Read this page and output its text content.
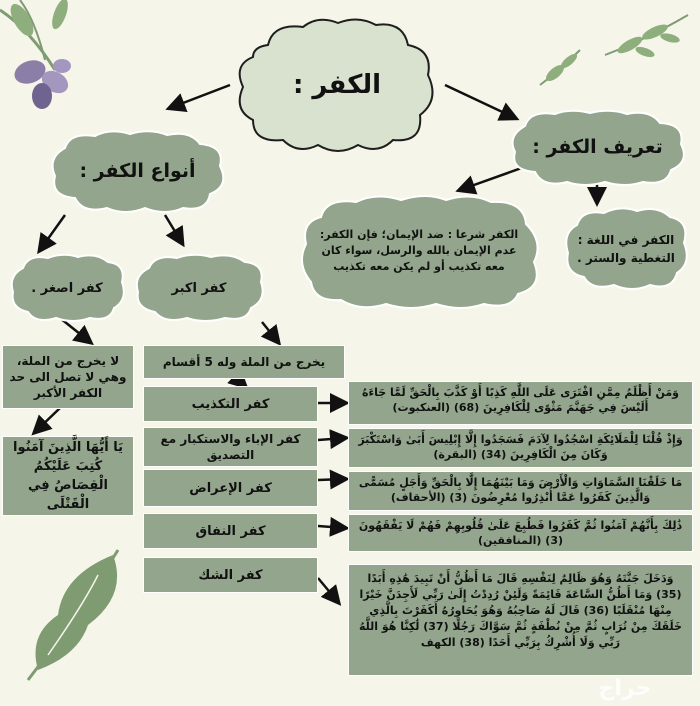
الكفر :
أنواع الكفر :
تعريف الكفر :
الكفر شرعا : ضد الإيمان؛ فإن الكفر: عدم الإيمان بالله والرسل، سواء كان معه تكذيب أو لم يكن معه تكذيب
الكفر في اللغة : التغطية والستر .
كفر اصغر .	كفر اكبر
لا يخرج من الملة، وهي لا تصل الى حد الكفر الأكبر
يَا أَيُّهَا الَّذِينَ آمَنُوا كُتِبَ عَلَيْكُمُ الْقِصَاصُ فِي الْقَتْلَى
يخرج من الملة وله 5 أقسام
كفر التكذيب
كفر الإباء والاستكبار مع التصديق
كفر الإعراض
كفر النفاق
كفر الشك
وَمَنْ أَظْلَمُ مِمَّنِ افْتَرَى عَلَى اللَّهِ كَذِبًا أَوْ كَذَّبَ بِالْحَقِّ لَمَّا جَاءَهُ أَلَيْسَ فِي جَهَنَّمَ مَثْوًى لِلْكَافِرِينَ (68) (العنكبوت)
وَإِذْ قُلْنَا لِلْمَلَائِكَةِ اسْجُدُوا لِآدَمَ فَسَجَدُوا إِلَّا إِبْلِيسَ أَبَىٰ وَاسْتَكْبَرَ وَكَانَ مِنَ الْكَافِرِينَ (34) (البقرة)
مَا خَلَقْنَا السَّمَاوَاتِ وَالْأَرْضَ وَمَا بَيْنَهُمَا إِلَّا بِالْحَقِّ وَأَجَلٍ مُسَمًّى وَالَّذِينَ كَفَرُوا عَمَّا أُنْذِرُوا مُعْرِضُونَ (3) (الأحقاف)
ذَٰلِكَ بِأَنَّهُمْ آمَنُوا ثُمَّ كَفَرُوا فَطُبِعَ عَلَىٰ قُلُوبِهِمْ فَهُمْ لَا يَفْقَهُونَ (3) (المنافقين)
وَدَخَلَ جَنَّتَهُ وَهُوَ ظَالِمٌ لِنَفْسِهِ قَالَ مَا أَظُنُّ أَنْ تَبِيدَ هَٰذِهِ أَبَدًا (35) وَمَا أَظُنُّ السَّاعَةَ قَائِمَةً وَلَئِنْ رُدِدْتُ إِلَىٰ رَبِّي لَأَجِدَنَّ خَيْرًا مِنْهَا مُنْقَلَبًا (36) قَالَ لَهُ صَاحِبُهُ وَهُوَ يُحَاوِرُهُ أَكَفَرْتَ بِالَّذِي خَلَقَكَ مِنْ تُرَابٍ ثُمَّ مِنْ نُطْفَةٍ ثُمَّ سَوَّاكَ رَجُلًا (37) لَٰكِنَّا هُوَ اللَّهُ رَبِّي وَلَا أُشْرِكُ بِرَبِّي أَحَدًا (38) الكهف
حراج
